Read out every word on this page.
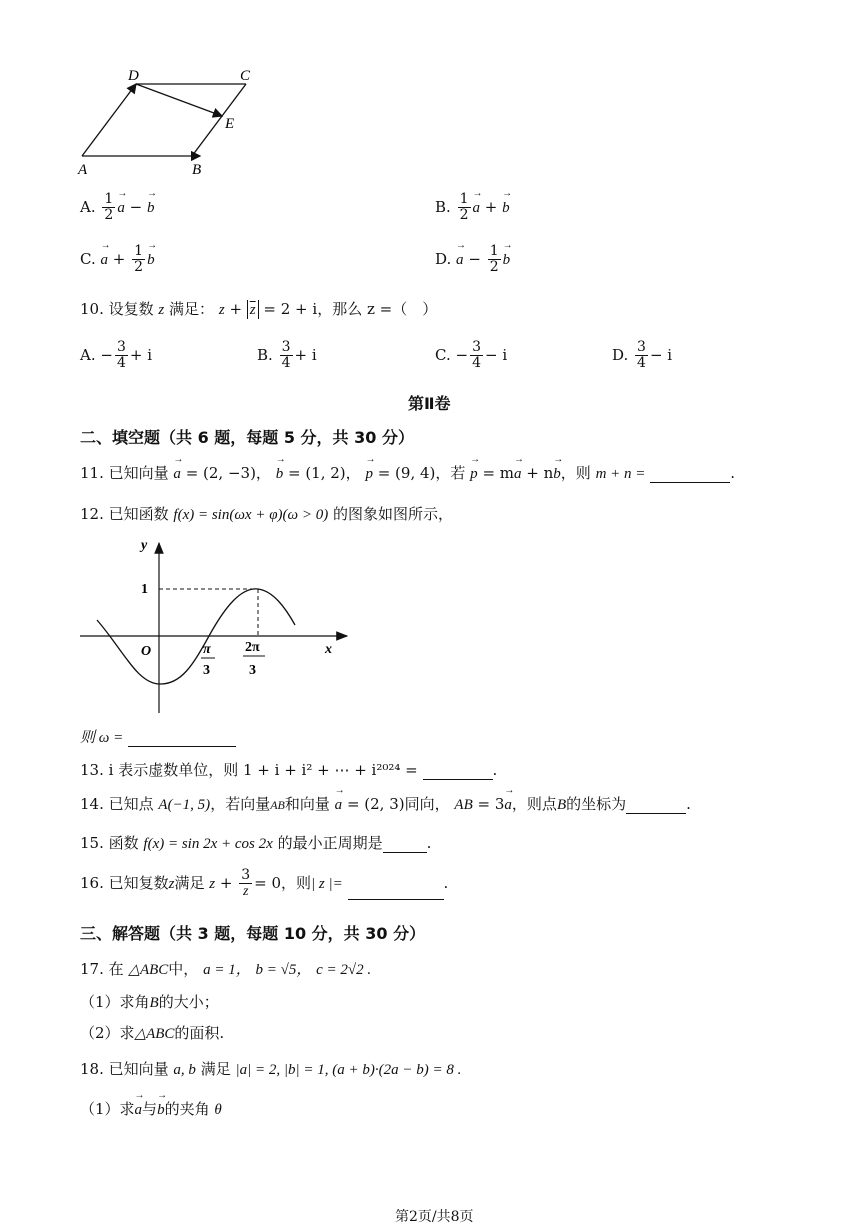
D	C
E
A	B
A. $\frac{1}{2} \to a$ − → b	B. $\frac{1}{2} \to a$ + → b
C. → $a + \frac{1}{2} \to b$	D. → $a - \frac{1}{2} \to b$
10. 设复数 z 满足： $z + \overline{z} = 2 + i$，那么 z =（　）
A. − $\frac{3}{4} + i$	B. $\frac{3}{4} + i$	C. − $\frac{3}{4} - i$	D. $\frac{3}{4} - i$
第Ⅱ卷
二、填空题（共 6 题，每题 5 分，共 30 分）
11. 已知向量 → a = (2, −3)， → b = (1, 2)， → p = (9, 4)，若 → p = m→ a + n→ b，则 m + n =	.
12. 已知函数 f(x) = sin(ωx + φ)(ω > 0) 的图象如图所示，
y
x
O
1
π
3
2π
3
则 ω =
13. i 表示虚数单位，则 1 + i + i² + ⋯ + i²⁰²⁴ =	.
14. 已知点 A(−1, 5)，若向量AB和向量 → a = (2, 3)同向， AB = 3→ a，则点B的坐标为	.
15. 函数 f(x) = sin 2x + cos 2x 的最小正周期是	.
16. 已知复数z满足 $z + \frac{3}{z} = 0$，则| z |=	.
三、解答题（共 3 题，每题 10 分，共 30 分）
17. 在 △ABC中， a = 1， b = √5， c = 2√2 .
（1）求角B的大小；
（2）求△ABC的面积.
18. 已知向量 a, b 满足 |a| = 2, |b| = 1, (a + b)·(2a − b) = 8 .
（1）求→ a与→ b的夹角 θ
第2页/共8页
